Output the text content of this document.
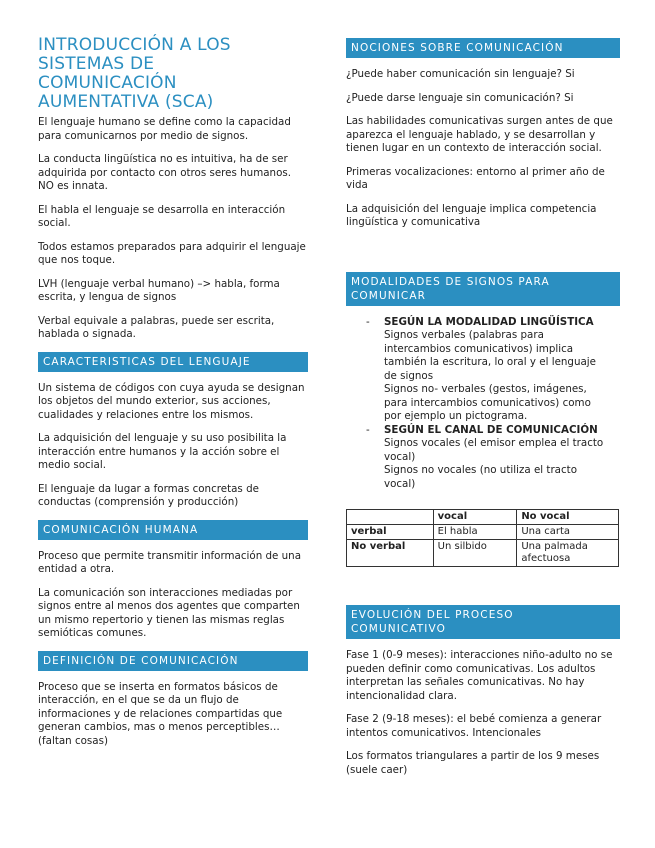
INTRODUCCIÓN A LOS
SISTEMAS DE
COMUNICACIÓN
AUMENTATIVA (SCA)

El lenguaje humano se define como la capacidad para comunicarnos por medio de signos.

La conducta lingüística no es intuitiva, ha de ser adquirida por contacto con otros seres humanos. NO es innata.

El habla el lenguaje se desarrolla en interacción social.

Todos estamos preparados para adquirir el lenguaje que nos toque.

LVH (lenguaje verbal humano) –> habla, forma escrita, y lengua de signos

Verbal equivale a palabras, puede ser escrita, hablada o signada.

CARACTERISTICAS DEL LENGUAJE

Un sistema de códigos con cuya ayuda se designan los objetos del mundo exterior, sus acciones, cualidades y relaciones entre los mismos.

La adquisición del lenguaje y su uso posibilita la interacción entre humanos y la acción sobre el medio social.

El lenguaje da lugar a formas concretas de conductas (comprensión y producción)

COMUNICACIÓN HUMANA

Proceso que permite transmitir información de una entidad a otra.

La comunicación son interacciones mediadas por signos entre al menos dos agentes que comparten un mismo repertorio y tienen las mismas reglas semióticas comunes.

DEFINICIÓN DE COMUNICACIÓN

Proceso que se inserta en formatos básicos de interacción, en el que se da un flujo de informaciones y de relaciones compartidas que generan cambios, mas o menos perceptibles… (faltan cosas)

NOCIONES SOBRE COMUNICACIÓN

¿Puede haber comunicación sin lenguaje? Si

¿Puede darse lenguaje sin comunicación? Si

Las habilidades comunicativas surgen antes de que aparezca el lenguaje hablado, y se desarrollan y tienen lugar en un contexto de interacción social.

Primeras vocalizaciones: entorno al primer año de vida

La adquisición del lenguaje implica competencia lingüística y comunicativa

MODALIDADES DE SIGNOS PARA
COMUNICAR
- SEGÚN LA MODALIDAD LINGÜÍSTICA
Signos verbales (palabras para
intercambios comunicativos) implica
también la escritura, lo oral y el lenguaje
de signos
Signos no- verbales (gestos, imágenes,
para intercambios comunicativos) como
por ejemplo un pictograma.
- SEGÚN EL CANAL DE COMUNICACIÓN
Signos vocales (el emisor emplea el tracto
vocal)
Signos no vocales (no utiliza el tracto
vocal)
	vocal	No vocal
verbal	El habla	Una carta
No verbal	Un silbido	Una palmada afectuosa
EVOLUCIÓN DEL PROCESO
COMUNICATIVO

Fase 1 (0-9 meses): interacciones niño-adulto no se pueden definir como comunicativas. Los adultos interpretan las señales comunicativas. No hay intencionalidad clara.

Fase 2 (9-18 meses): el bebé comienza a generar intentos comunicativos. Intencionales

Los formatos triangulares a partir de los 9 meses (suele caer)
